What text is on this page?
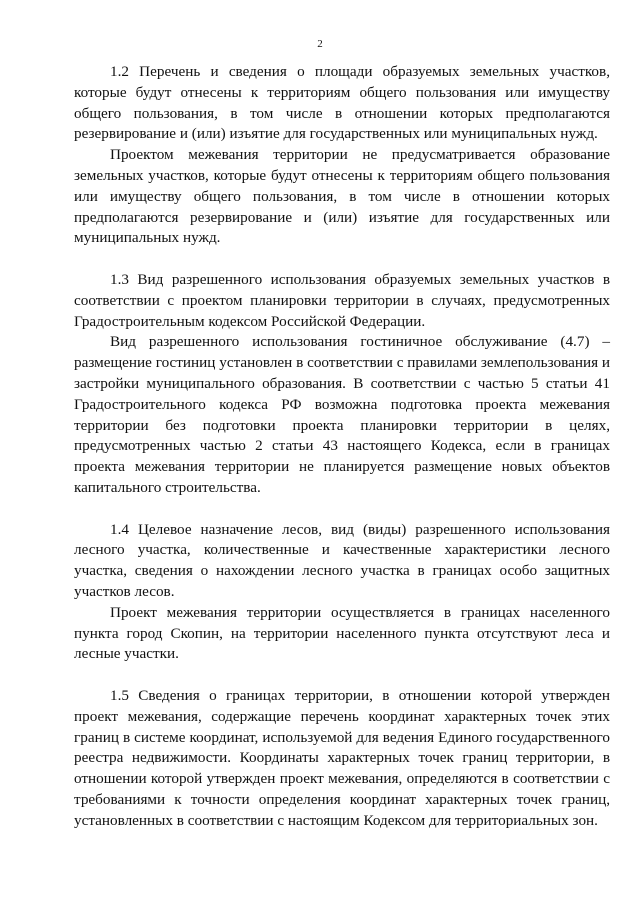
2

1.2 Перечень и сведения о площади образуемых земельных участков, которые будут отнесены к территориям общего пользования или имуществу общего пользования, в том числе в отношении которых предполагаются резервирование и (или) изъятие для государственных или муниципальных нужд.

Проектом межевания территории не предусматривается образование земельных участков, которые будут отнесены к территориям общего пользования или имуществу общего пользования, в том числе в отношении которых предполагаются резервирование и (или) изъятие для государственных или муниципальных нужд.

1.3 Вид разрешенного использования образуемых земельных участков в соответствии с проектом планировки территории в случаях, предусмотренных Градостроительным кодексом Российской Федерации.

Вид разрешенного использования гостиничное обслуживание (4.7) – размещение гостиниц установлен в соответствии с правилами землепользования и застройки муниципального образования. В соответствии с частью 5 статьи 41 Градостроительного кодекса РФ возможна подготовка проекта межевания территории без подготовки проекта планировки территории в целях, предусмотренных частью 2 статьи 43 настоящего Кодекса, если в границах проекта межевания территории не планируется размещение новых объектов капитального строительства.

1.4 Целевое назначение лесов, вид (виды) разрешенного использования лесного участка, количественные и качественные характеристики лесного участка, сведения о нахождении лесного участка в границах особо защитных участков лесов.

Проект межевания территории осуществляется в границах населенного пункта город Скопин, на территории населенного пункта отсутствуют леса и лесные участки.

1.5 Сведения о границах территории, в отношении которой утвержден проект межевания, содержащие перечень координат характерных точек этих границ в системе координат, используемой для ведения Единого государственного реестра недвижимости. Координаты характерных точек границ территории, в отношении которой утвержден проект межевания, определяются в соответствии с требованиями к точности определения координат характерных точек границ, установленных в соответствии с настоящим Кодексом для территориальных зон.
